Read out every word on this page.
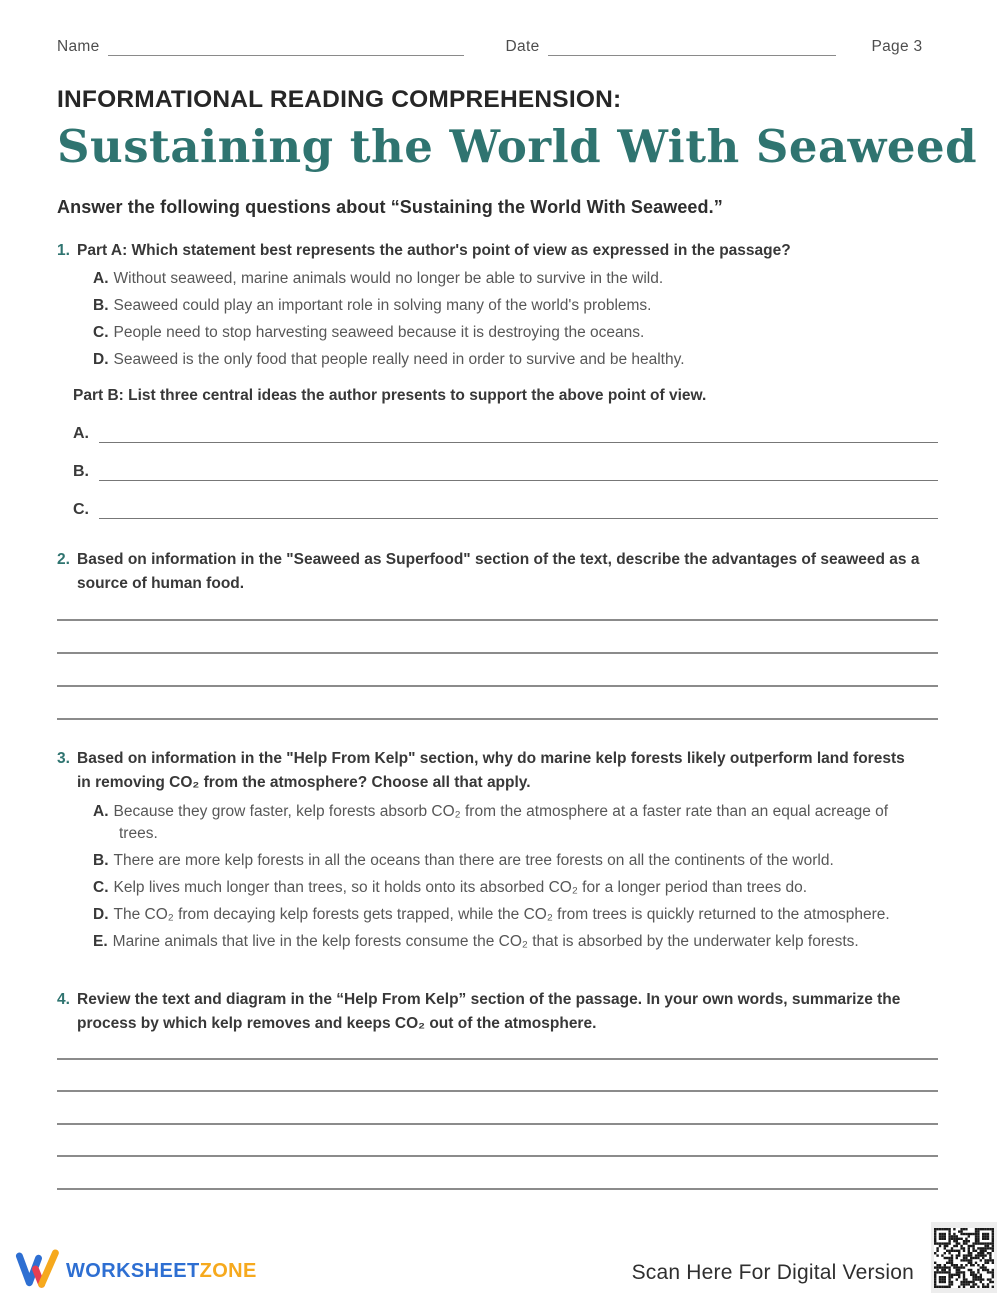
Name	Date	Page 3
INFORMATIONAL READING COMPREHENSION:
Sustaining the World With Seaweed
Answer the following questions about “Sustaining the World With Seaweed.”
1. Part A: Which statement best represents the author's point of view as expressed in the passage?
A. Without seaweed, marine animals would no longer be able to survive in the wild.
B. Seaweed could play an important role in solving many of the world's problems.
C. People need to stop harvesting seaweed because it is destroying the oceans.
D. Seaweed is the only food that people really need in order to survive and be healthy.
Part B: List three central ideas the author presents to support the above point of view.
A.
B.
C.
2. Based on information in the "Seaweed as Superfood" section of the text, describe the advantages of seaweed as a source of human food.
3. Based on information in the "Help From Kelp" section, why do marine kelp forests likely outperform land forests in removing CO₂ from the atmosphere? Choose all that apply.
A. Because they grow faster, kelp forests absorb CO₂ from the atmosphere at a faster rate than an equal acreage of trees.
B. There are more kelp forests in all the oceans than there are tree forests on all the continents of the world.
C. Kelp lives much longer than trees, so it holds onto its absorbed CO₂ for a longer period than trees do.
D. The CO₂ from decaying kelp forests gets trapped, while the CO₂ from trees is quickly returned to the atmosphere.
E. Marine animals that live in the kelp forests consume the CO₂ that is absorbed by the underwater kelp forests.
4. Review the text and diagram in the “Help From Kelp” section of the passage. In your own words, summarize the process by which kelp removes and keeps CO₂ out of the atmosphere.
WORKSHEETZONE	Scan Here For Digital Version
